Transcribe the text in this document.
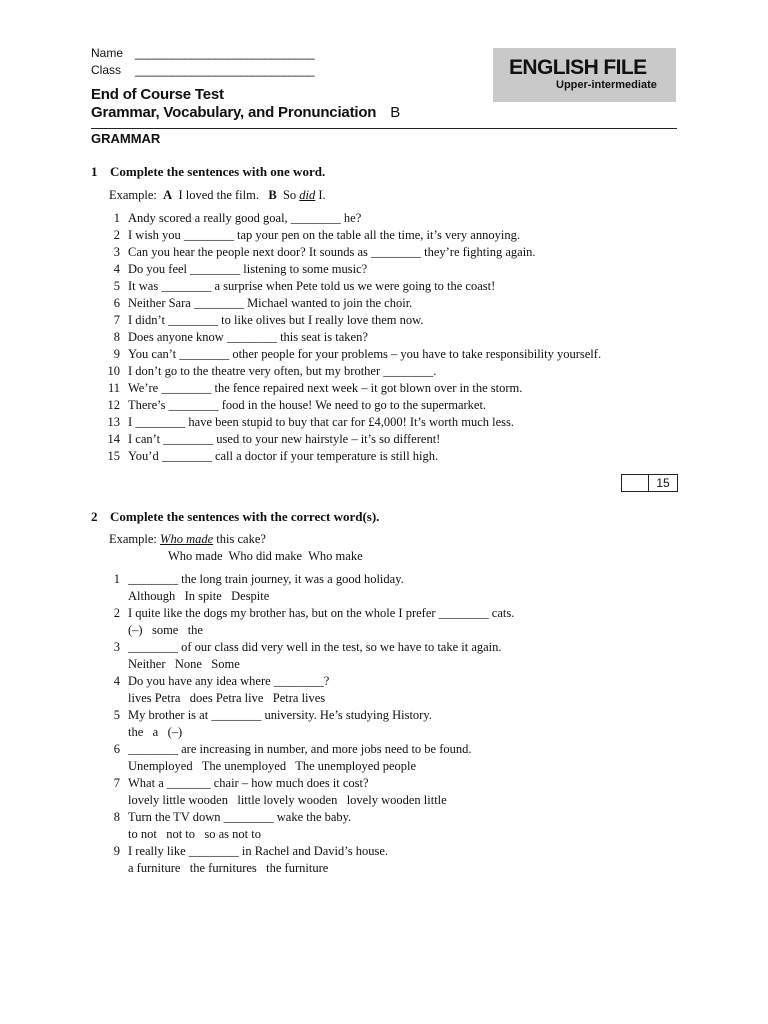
Name _____________________________
Class _____________________________	ENGLISH FILE
Upper-intermediate
End of Course Test
Grammar, Vocabulary, and Pronunciation B
GRAMMAR
1 Complete the sentences with one word.
Example: A I loved the film. B So did I.
1 Andy scored a really good goal, ________ he?
2 I wish you ________ tap your pen on the table all the time, it’s very annoying.
3 Can you hear the people next door? It sounds as ________ they’re fighting again.
4 Do you feel ________ listening to some music?
5 It was ________ a surprise when Pete told us we were going to the coast!
6 Neither Sara ________ Michael wanted to join the choir.
7 I didn’t ________ to like olives but I really love them now.
8 Does anyone know ________ this seat is taken?
9 You can’t ________ other people for your problems – you have to take responsibility yourself.
10 I don’t go to the theatre very often, but my brother ________.
11 We’re ________ the fence repaired next week – it got blown over in the storm.
12 There’s ________ food in the house! We need to go to the supermarket.
13 I ________ have been stupid to buy that car for £4,000! It’s worth much less.
14 I can’t ________ used to your new hairstyle – it’s so different!
15 You’d ________ call a doctor if your temperature is still high.
15
2 Complete the sentences with the correct word(s).
Example: Who made this cake?
Who made  Who did make  Who make
1 ________ the long train journey, it was a good holiday.
Although   In spite   Despite
2 I quite like the dogs my brother has, but on the whole I prefer ________ cats.
(–)   some   the
3 ________ of our class did very well in the test, so we have to take it again.
Neither   None   Some
4 Do you have any idea where ________?
lives Petra   does Petra live   Petra lives
5 My brother is at ________ university. He’s studying History.
the   a   (–)
6 ________ are increasing in number, and more jobs need to be found.
Unemployed   The unemployed   The unemployed people
7 What a _______ chair – how much does it cost?
lovely little wooden   little lovely wooden   lovely wooden little
8 Turn the TV down ________ wake the baby.
to not   not to   so as not to
9 I really like ________ in Rachel and David’s house.
a furniture   the furnitures   the furniture
